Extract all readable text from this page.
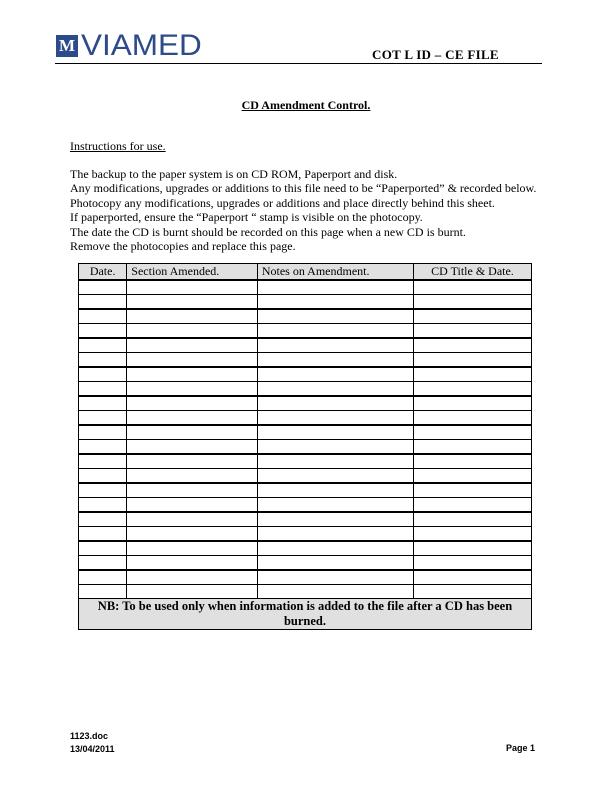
M VIAMED	COT L ID – CE FILE
CD Amendment Control.
Instructions for use.
The backup to the paper system is on CD ROM, Paperport and disk.
Any modifications, upgrades or additions to this file need to be “Paperported” & recorded below.
Photocopy any modifications, upgrades or additions and place directly behind this sheet.
If paperported, ensure the “Paperport “ stamp is visible on the photocopy.
The date the CD is burnt should be recorded on this page when a new CD is burnt.
Remove the photocopies and replace this page.
Date.	Section Amended.	Notes on Amendment.	CD Title & Date.

NB: To be used only when information is added to the file after a CD has been burned.			
1123.doc
13/04/2011	Page 1
